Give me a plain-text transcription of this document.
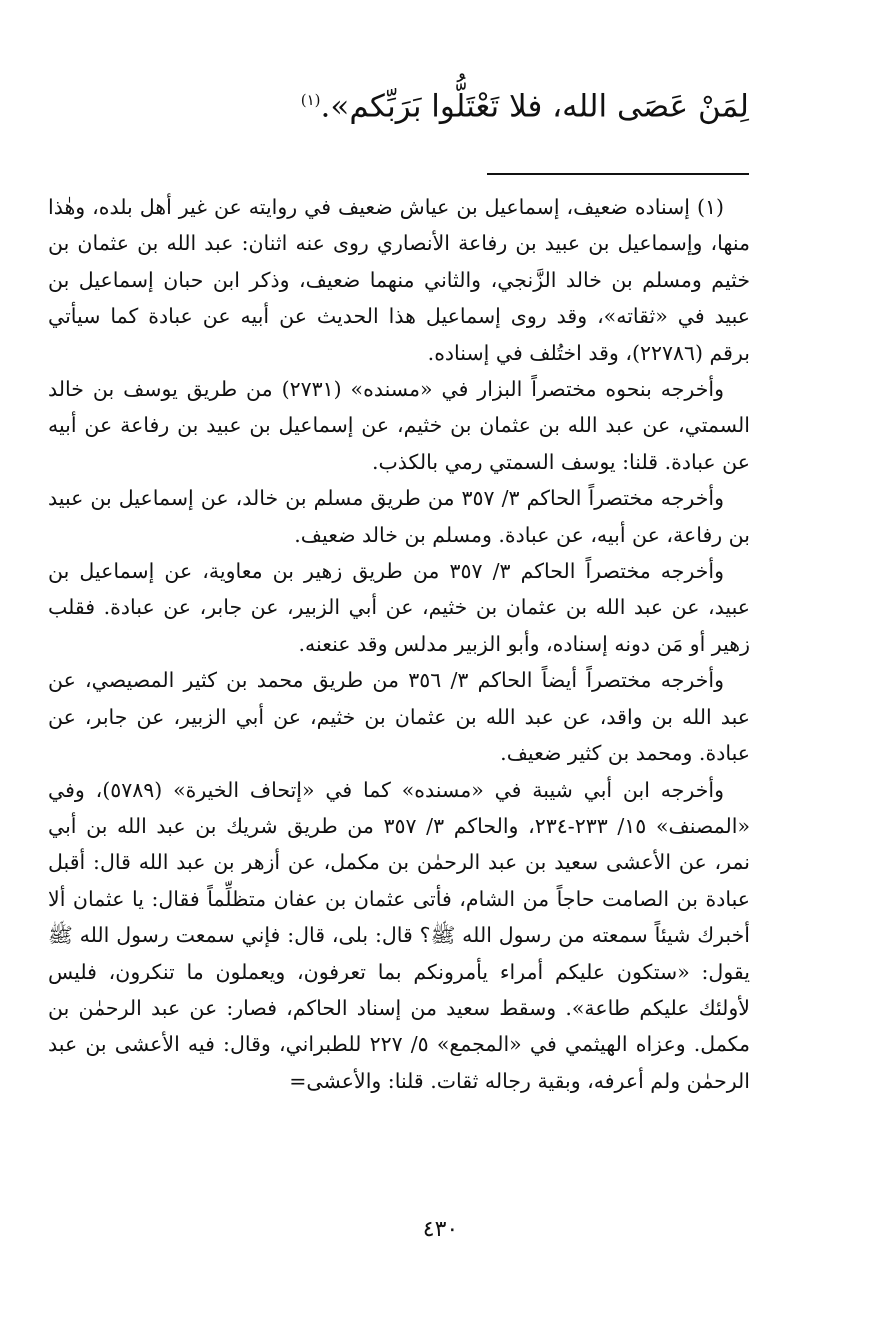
لِمَنْ عَصَى الله، فلا تَعْتَلُّوا بَرَبِّكم».$^{(١)}$

(١) إسناده ضعيف، إسماعيل بن عياش ضعيف في روايته عن غير أهل بلده، وهٰذا منها، وإسماعيل بن عبيد بن رفاعة الأنصاري روى عنه اثنان: عبد الله بن عثمان بن خثيم ومسلم بن خالد الزَّنجي، والثاني منهما ضعيف، وذكر ابن حبان إسماعيل بن عبيد في «ثقاته»، وقد روى إسماعيل هذا الحديث عن أبيه عن عبادة كما سيأتي برقم (٢٢٧٨٦)، وقد اختُلف في إسناده.

وأخرجه بنحوه مختصراً البزار في «مسنده» (٢٧٣١) من طريق يوسف بن خالد السمتي، عن عبد الله بن عثمان بن خثيم، عن إسماعيل بن عبيد بن رفاعة عن أبيه عن عبادة. قلنا: يوسف السمتي رمي بالكذب.

وأخرجه مختصراً الحاكم ٣/ ٣٥٧ من طريق مسلم بن خالد، عن إسماعيل بن عبيد بن رفاعة، عن أبيه، عن عبادة. ومسلم بن خالد ضعيف.

وأخرجه مختصراً الحاكم ٣/ ٣٥٧ من طريق زهير بن معاوية، عن إسماعيل بن عبيد، عن عبد الله بن عثمان بن خثيم، عن أبي الزبير، عن جابر، عن عبادة. فقلب زهير أو مَن دونه إسناده، وأبو الزبير مدلس وقد عنعنه.

وأخرجه مختصراً أيضاً الحاكم ٣/ ٣٥٦ من طريق محمد بن كثير المصيصي، عن عبد الله بن واقد، عن عبد الله بن عثمان بن خثيم، عن أبي الزبير، عن جابر، عن عبادة. ومحمد بن كثير ضعيف.

وأخرجه ابن أبي شيبة في «مسنده» كما في «إتحاف الخيرة» (٥٧٨٩)، وفي «المصنف» ١٥/ ٢٣٣-٢٣٤، والحاكم ٣/ ٣٥٧ من طريق شريك بن عبد الله بن أبي نمر، عن الأعشى سعيد بن عبد الرحمٰن بن مكمل، عن أزهر بن عبد الله قال: أقبل عبادة بن الصامت حاجاً من الشام، فأتى عثمان بن عفان متظلِّماً فقال: يا عثمان ألا أخبرك شيئاً سمعته من رسول الله ﷺ؟ قال: بلى، قال: فإني سمعت رسول الله ﷺ يقول: «ستكون عليكم أمراء يأمرونكم بما تعرفون، ويعملون ما تنكرون، فليس لأولئك عليكم طاعة». وسقط سعيد من إسناد الحاكم، فصار: عن عبد الرحمٰن بن مكمل. وعزاه الهيثمي في «المجمع» ٥/ ٢٢٧ للطبراني، وقال: فيه الأعشى بن عبد الرحمٰن ولم أعرفه، وبقية رجاله ثقات. قلنا: والأعشى=

٤٣٠
